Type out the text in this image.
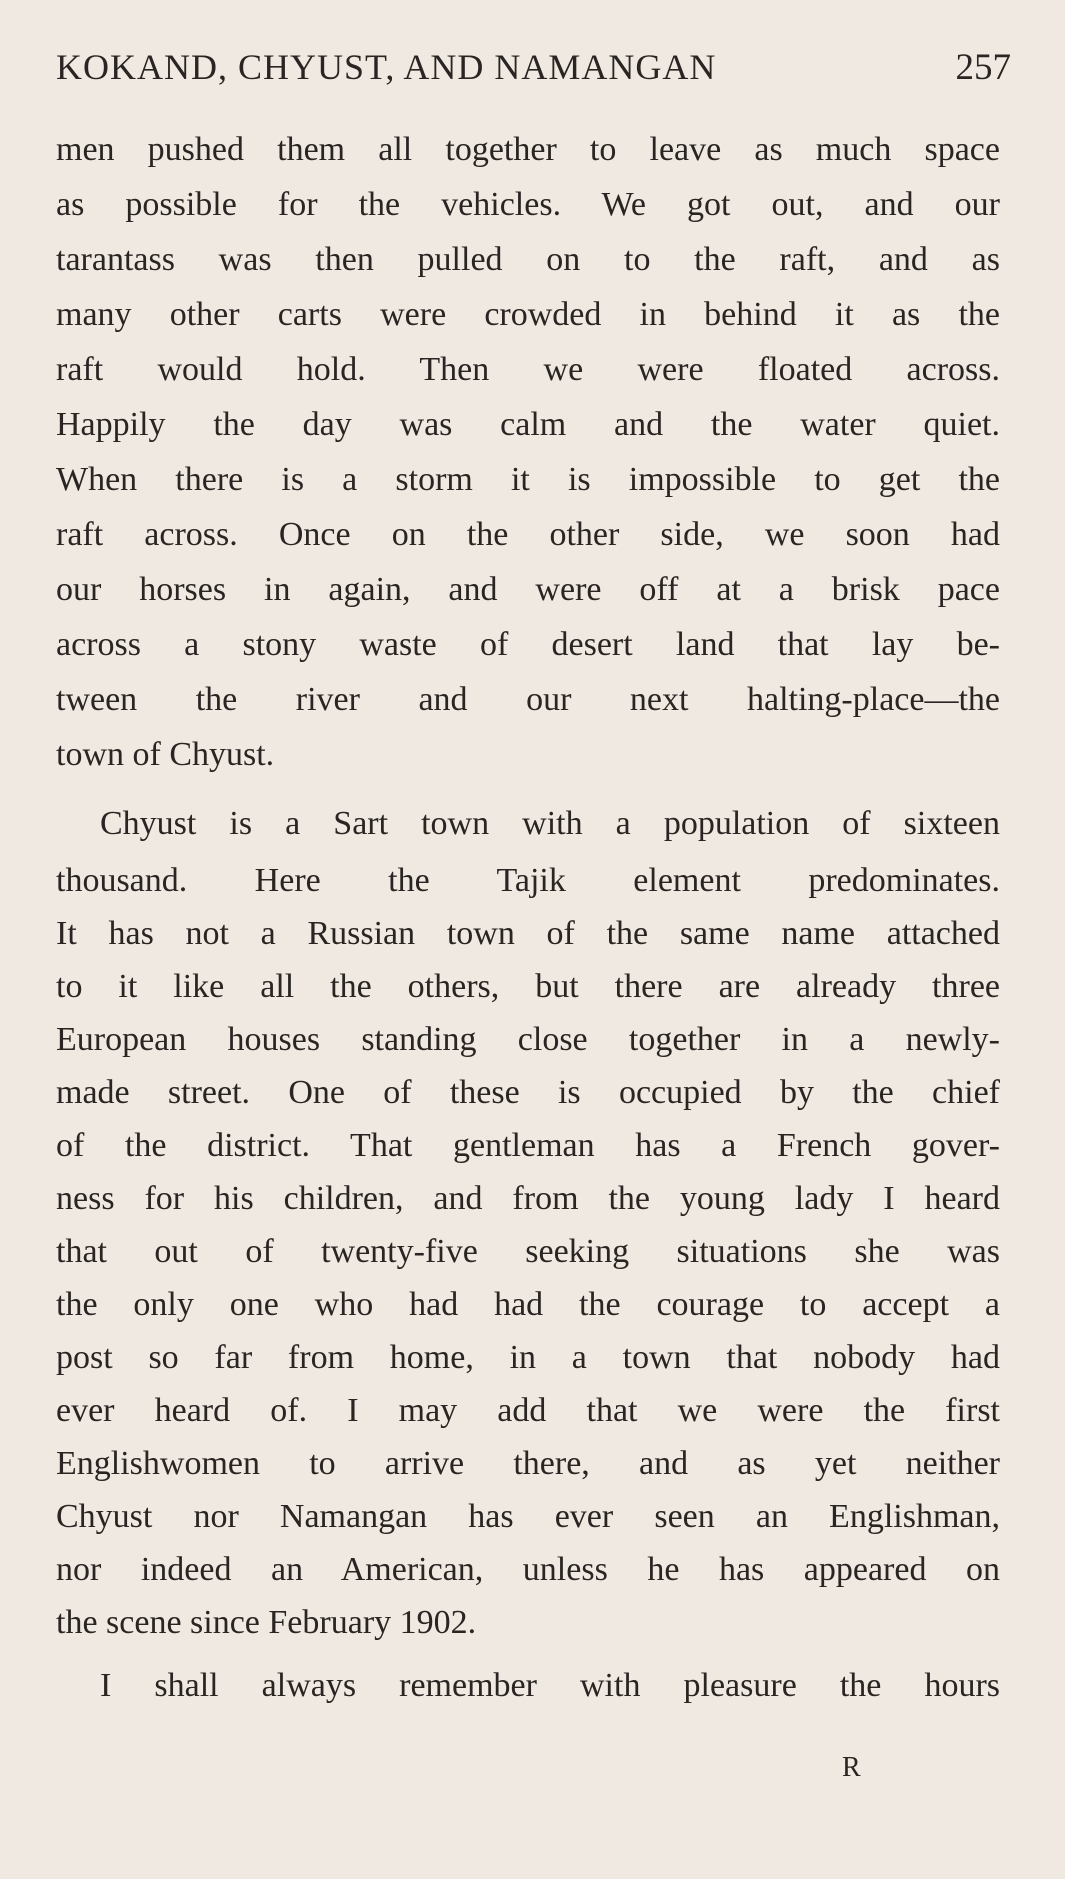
KOKAND, CHYUST, AND NAMANGAN	257
men pushed them all together to leave as much space
as possible for the vehicles. We got out, and our
tarantass was then pulled on to the raft, and as
many other carts were crowded in behind it as the
raft would hold. Then we were floated across.
Happily the day was calm and the water quiet.
When there is a storm it is impossible to get the
raft across. Once on the other side, we soon had
our horses in again, and were off at a brisk pace
across a stony waste of desert land that lay be-
tween the river and our next halting-place—the
town of Chyust.
Chyust is a Sart town with a population of sixteen
thousand. Here the Tajik element predominates.
It has not a Russian town of the same name attached
to it like all the others, but there are already three
European houses standing close together in a newly-
made street. One of these is occupied by the chief
of the district. That gentleman has a French gover-
ness for his children, and from the young lady I heard
that out of twenty-five seeking situations she was
the only one who had had the courage to accept a
post so far from home, in a town that nobody had
ever heard of. I may add that we were the first
Englishwomen to arrive there, and as yet neither
Chyust nor Namangan has ever seen an Englishman,
nor indeed an American, unless he has appeared on
the scene since February 1902.
I shall always remember with pleasure the hours
R
